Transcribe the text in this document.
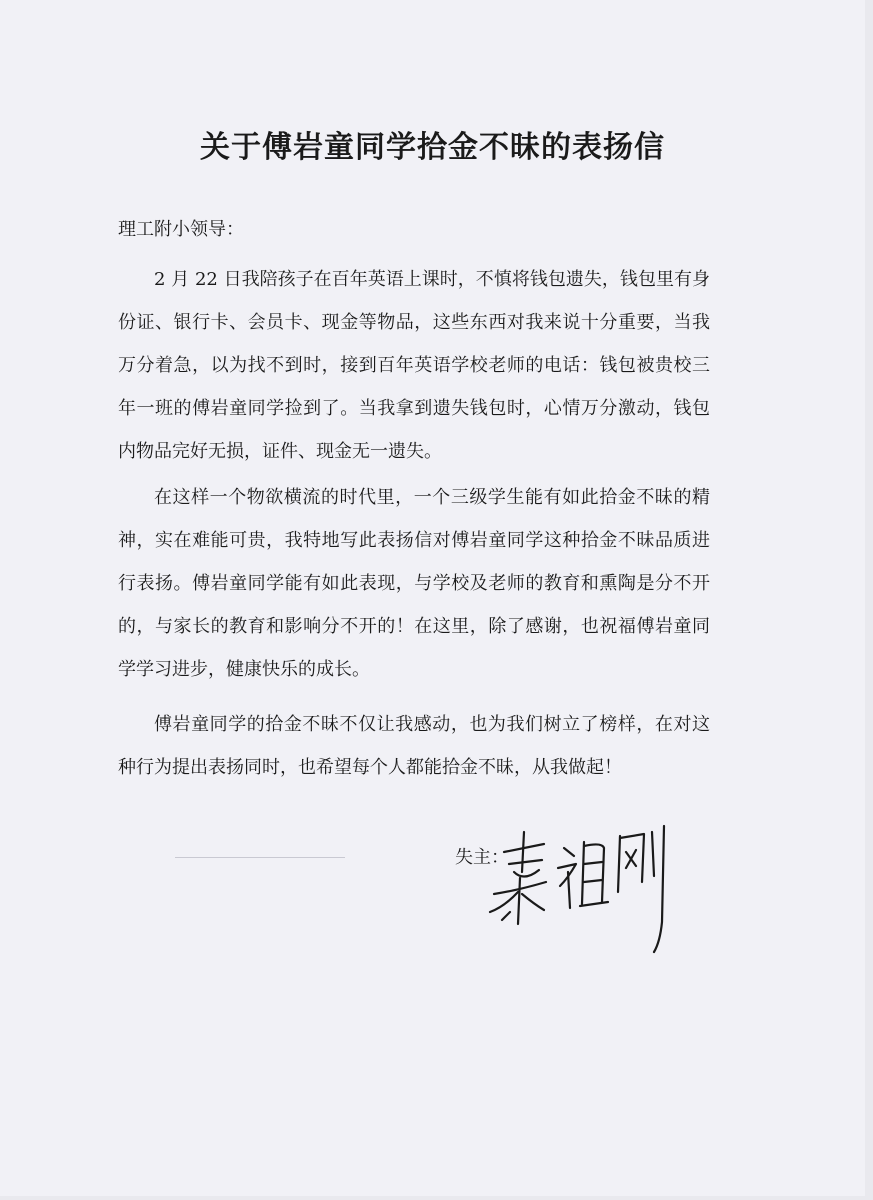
关于傅岩童同学拾金不昧的表扬信

理工附小领导：

2 月 22 日我陪孩子在百年英语上课时，不慎将钱包遗失，钱包里有身份证、银行卡、会员卡、现金等物品，这些东西对我来说十分重要，当我万分着急，以为找不到时，接到百年英语学校老师的电话：钱包被贵校三年一班的傅岩童同学捡到了。当我拿到遗失钱包时，心情万分激动，钱包内物品完好无损，证件、现金无一遗失。

在这样一个物欲横流的时代里，一个三级学生能有如此拾金不昧的精神，实在难能可贵，我特地写此表扬信对傅岩童同学这种拾金不昧品质进行表扬。傅岩童同学能有如此表现，与学校及老师的教育和熏陶是分不开的，与家长的教育和影响分不开的！在这里，除了感谢，也祝福傅岩童同学学习进步，健康快乐的成长。

傅岩童同学的拾金不昧不仅让我感动，也为我们树立了榜样，在对这种行为提出表扬同时，也希望每个人都能拾金不昧，从我做起！

失主：
